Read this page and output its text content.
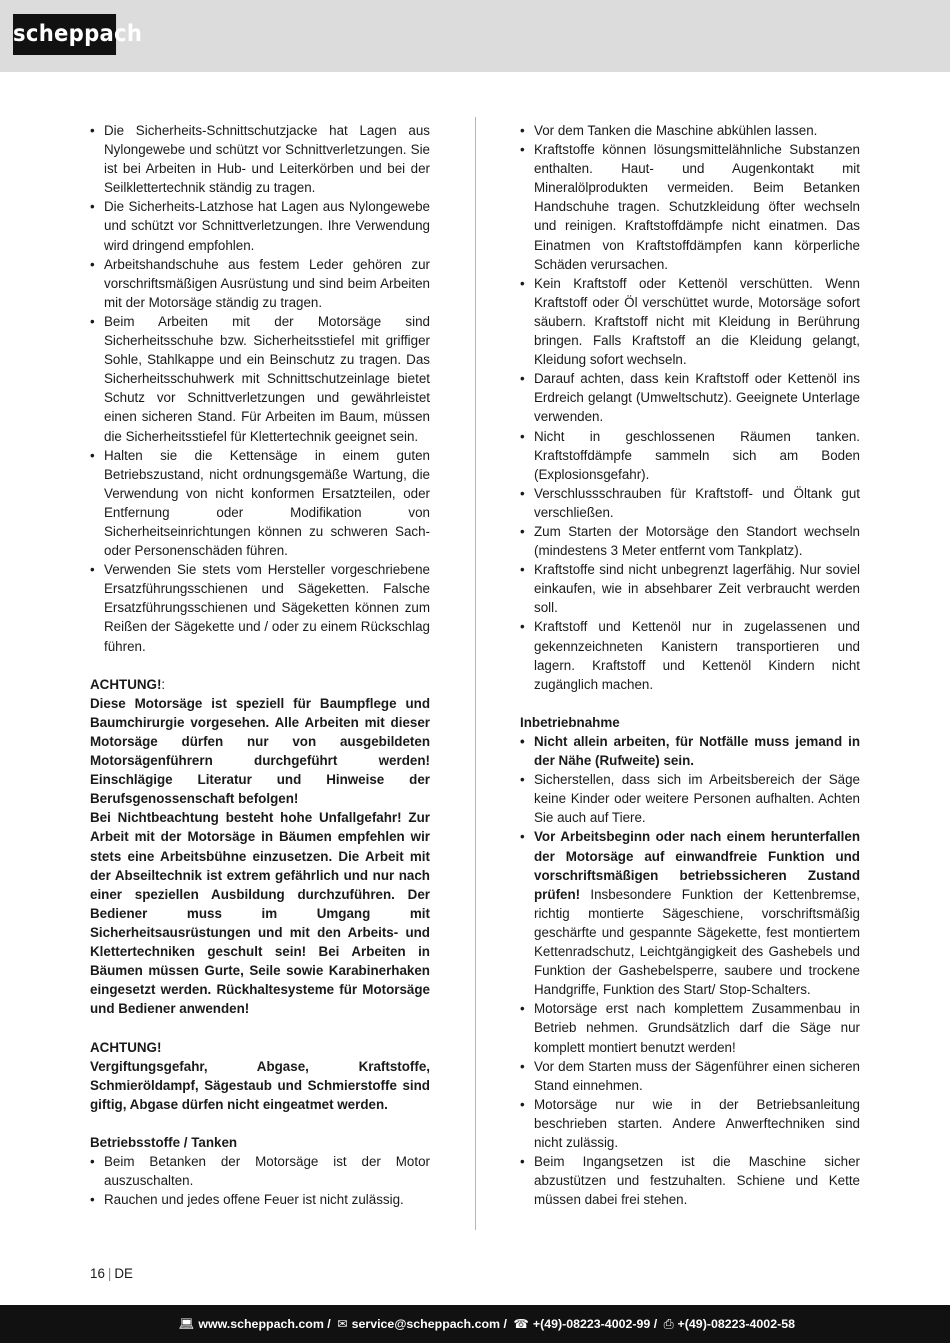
scheppach
• Die Sicherheits-Schnittschutzjacke hat Lagen aus Nylongewebe und schützt vor Schnittverletzungen. Sie ist bei Arbeiten in Hub- und Leiterkörben und bei der Seilklettertechnik ständig zu tragen.
• Die Sicherheits-Latzhose hat Lagen aus Nylongewebe und schützt vor Schnittverletzungen. Ihre Verwendung wird dringend empfohlen.
• Arbeitshandschuhe aus festem Leder gehören zur vorschriftsmäßigen Ausrüstung und sind beim Arbeiten mit der Motorsäge ständig zu tragen.
• Beim Arbeiten mit der Motorsäge sind Sicherheitsschuhe bzw. Sicherheitsstiefel mit griffiger Sohle, Stahlkappe und ein Beinschutz zu tragen. Das Sicherheitsschuhwerk mit Schnittschutzeinlage bietet Schutz vor Schnittverletzungen und gewährleistet einen sicheren Stand. Für Arbeiten im Baum, müssen die Sicherheitsstiefel für Klettertechnik geeignet sein.
• Halten sie die Kettensäge in einem guten Betriebszustand, nicht ordnungsgemäße Wartung, die Verwendung von nicht konformen Ersatzteilen, oder Entfernung oder Modifikation von Sicherheitseinrichtungen können zu schweren Sach- oder Personenschäden führen.
• Verwenden Sie stets vom Hersteller vorgeschriebene Ersatzführungsschienen und Sägeketten. Falsche Ersatzführungsschienen und Sägeketten können zum Reißen der Sägekette und / oder zu einem Rückschlag führen.

ACHTUNG!:

Diese Motorsäge ist speziell für Baumpflege und Baumchirurgie vorgesehen. Alle Arbeiten mit dieser Motorsäge dürfen nur von ausgebildeten Motorsägenführern durchgeführt werden! Einschlägige Literatur und Hinweise der Berufsgenossenschaft befolgen!

Bei Nichtbeachtung besteht hohe Unfallgefahr! Zur Arbeit mit der Motorsäge in Bäumen empfehlen wir stets eine Arbeitsbühne einzusetzen. Die Arbeit mit der Abseiltechnik ist extrem gefährlich und nur nach einer speziellen Ausbildung durchzuführen. Der Bediener muss im Umgang mit Sicherheitsausrüstungen und mit den Arbeits- und Klettertechniken geschult sein! Bei Arbeiten in Bäumen müssen Gurte, Seile sowie Karabinerhaken eingesetzt werden. Rückhaltesysteme für Motorsäge und Bediener anwenden!

ACHTUNG!

Vergiftungsgefahr, Abgase, Kraftstoffe, Schmieröldampf, Sägestaub und Schmierstoffe sind giftig, Abgase dürfen nicht eingeatmet werden.

Betriebsstoffe / Tanken

• Beim Betanken der Motorsäge ist der Motor auszuschalten.
• Rauchen und jedes offene Feuer ist nicht zulässig.
• Vor dem Tanken die Maschine abkühlen lassen.
• Kraftstoffe können lösungsmittelähnliche Substanzen enthalten. Haut- und Augenkontakt mit Mineralölprodukten vermeiden. Beim Betanken Handschuhe tragen. Schutzkleidung öfter wechseln und reinigen. Kraftstoffdämpfe nicht einatmen. Das Einatmen von Kraftstoffdämpfen kann körperliche Schäden verursachen.
• Kein Kraftstoff oder Kettenöl verschütten. Wenn Kraftstoff oder Öl verschüttet wurde, Motorsäge sofort säubern. Kraftstoff nicht mit Kleidung in Berührung bringen. Falls Kraftstoff an die Kleidung gelangt, Kleidung sofort wechseln.
• Darauf achten, dass kein Kraftstoff oder Kettenöl ins Erdreich gelangt (Umweltschutz). Geeignete Unterlage verwenden.
• Nicht in geschlossenen Räumen tanken. Kraftstoffdämpfe sammeln sich am Boden (Explosionsgefahr).
• Verschlussschrauben für Kraftstoff- und Öltank gut verschließen.
• Zum Starten der Motorsäge den Standort wechseln (mindestens 3 Meter entfernt vom Tankplatz).
• Kraftstoffe sind nicht unbegrenzt lagerfähig. Nur soviel einkaufen, wie in absehbarer Zeit verbraucht werden soll.
• Kraftstoff und Kettenöl nur in zugelassenen und gekennzeichneten Kanistern transportieren und lagern. Kraftstoff und Kettenöl Kindern nicht zugänglich machen.

Inbetriebnahme

• Nicht allein arbeiten, für Notfälle muss jemand in der Nähe (Rufweite) sein.
• Sicherstellen, dass sich im Arbeitsbereich der Säge keine Kinder oder weitere Personen aufhalten. Achten Sie auch auf Tiere.
• Vor Arbeitsbeginn oder nach einem herunterfallen der Motorsäge auf einwandfreie Funktion und vorschriftsmäßigen betriebssicheren Zustand prüfen! Insbesondere Funktion der Kettenbremse, richtig montierte Sägeschiene, vorschriftsmäßig geschärfte und gespannte Sägekette, fest montiertem Kettenradschutz, Leichtgängigkeit des Gashebels und Funktion der Gashebelsperre, saubere und trockene Handgriffe, Funktion des Start/ Stop-Schalters.
• Motorsäge erst nach komplettem Zusammenbau in Betrieb nehmen. Grundsätzlich darf die Säge nur komplett montiert benutzt werden!
• Vor dem Starten muss der Sägenführer einen sicheren Stand einnehmen.
• Motorsäge nur wie in der Betriebsanleitung beschrieben starten. Andere Anwerftechniken sind nicht zulässig.
• Beim Ingangsetzen ist die Maschine sicher abzustützen und festzuhalten. Schiene und Kette müssen dabei frei stehen.
16 | DE
💻︎ www.scheppach.com / ✉ service@scheppach.com / ☎ +(49)-08223-4002-99 / ⎙ +(49)-08223-4002-58
